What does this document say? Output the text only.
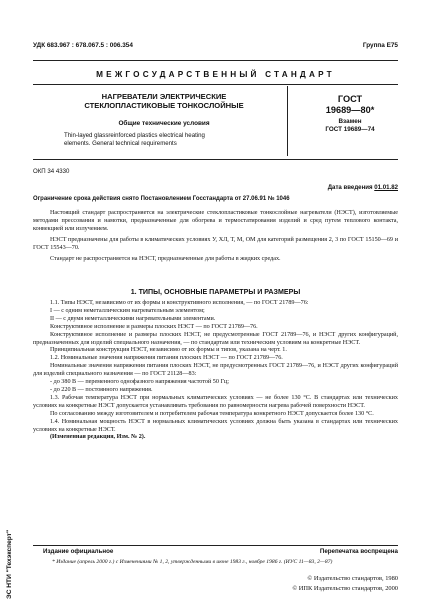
УДК 683.967 : 678.067.5 : 006.354	Группа Е75
МЕЖГОСУДАРСТВЕННЫЙ СТАНДАРТ
НАГРЕВАТЕЛИ ЭЛЕКТРИЧЕСКИЕ
СТЕКЛОПЛАСТИКОВЫЕ ТОНКОСЛОЙНЫЕ
Общие технические условия
Thin-layed glassreinforced plastics electrical heating
elements. General technical requirements
ГОСТ
19689—80*
Взамен
ГОСТ 19689—74
ОКП 34 4330
Дата введения 01.01.82
Ограничение срока действия снято Постановлением Госстандарта от 27.06.91 № 1046

Настоящий стандарт распространяется на электрические стеклопластиковые тонкослойные нагреватели (НЭСТ), изготовляемые методами прессования и намотки, предназначенные для обогрева и термостатирования изделий и сред путем теплового контакта, конвекцией или излучением.

НЭСТ предназначены для работы в климатических условиях У, ХЛ, Т, М, ОМ для категорий размещения 2, 3 по ГОСТ 15150—69 и ГОСТ 15543—70.

Стандарт не распространяется на НЭСТ, предназначенные для работы в жидких средах.

1. ТИПЫ, ОСНОВНЫЕ ПАРАМЕТРЫ И РАЗМЕРЫ

1.1. Типы НЭСТ, независимо от их формы и конструктивного исполнения, — по ГОСТ 21789—76:

I — с одним неметаллическим нагревательным элементом;

II — с двумя неметаллическими нагревательными элементами.

Конструктивное исполнение и размеры плоских НЭСТ — по ГОСТ 21789—76.

Конструктивное исполнение и размеры плоских НЭСТ, не предусмотренные ГОСТ 21789—76, и НЭСТ других конфигураций, предназначенных для изделий специального назначения, — по стандартам или техническим условиям на конкретные НЭСТ.

Принципиальная конструкция НЭСТ, независимо от их формы и типов, указана на черт. 1.

1.2. Номинальные значения напряжения питания плоских НЭСТ — по ГОСТ 21789—76.

Номинальные значения напряжения питания плоских НЭСТ, не предусмотренных ГОСТ 21789—76, и НЭСТ других конфигураций для изделий специального назначения — по ГОСТ 21128—83:

- до 380 В — переменного однофазного напряжения частотой 50 Гц;

- до 220 В — постоянного напряжения.

1.3. Рабочая температура НЭСТ при нормальных климатических условиях — не более 130 °С. В стандартах или технических условиях на конкретные НЭСТ допускается устанавливать требования по равномерности нагрева рабочей поверхности НЭСТ.

По согласованию между изготовителем и потребителем рабочая температура конкретного НЭСТ допускается более 130 °С.

1.4. Номинальная мощность НЭСТ в нормальных климатических условиях должна быть указана в стандартах или технических условиях на конкретные НЭСТ.

(Измененная редакция, Изм. № 2).

Издание официальное	Перепечатка воспрещена
* Издание (апрель 2000 г.) с Изменениями № 1, 2, утвержденными в июне 1983 г., ноябре 1986 г. (ИУС 11—83, 2—87)
© Издательство стандартов, 1980
© ИПК Издательство стандартов, 2000
ЭС НТИ "Техэксперт"
